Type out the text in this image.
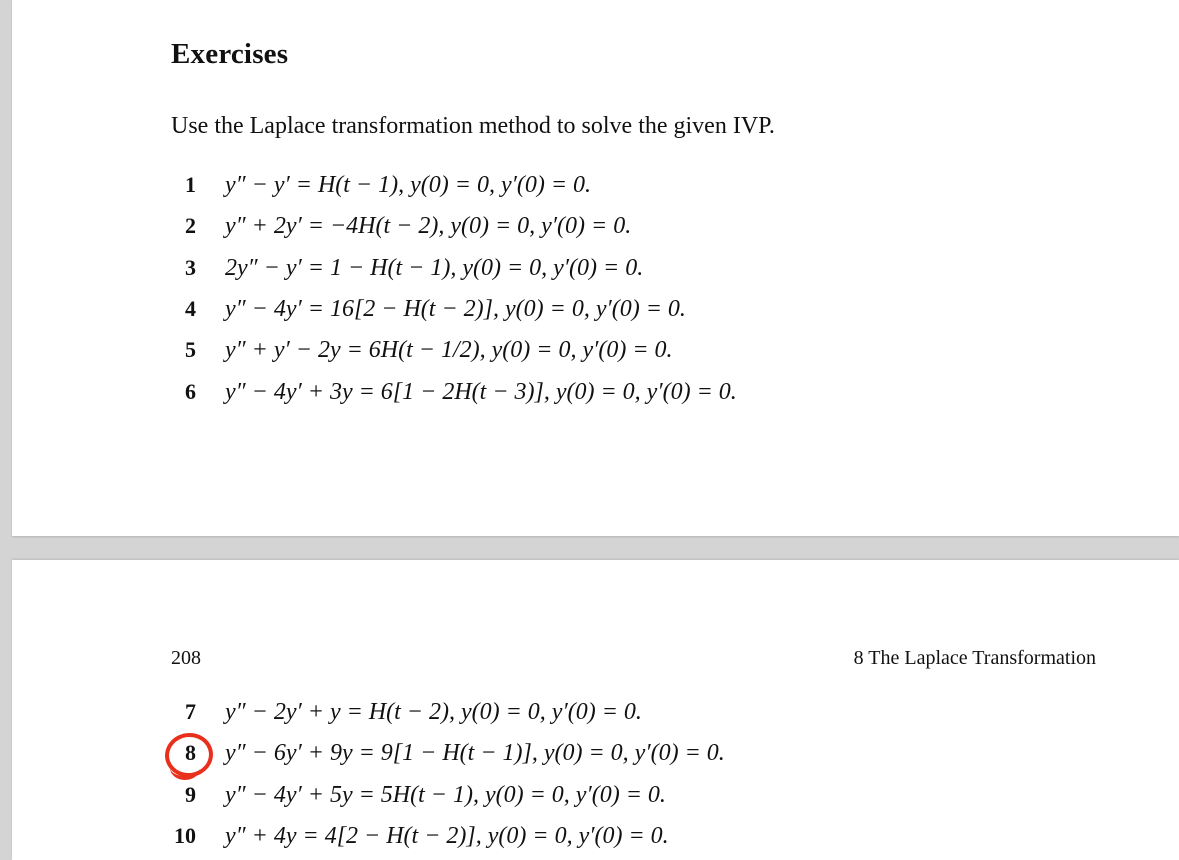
Exercises
Use the Laplace transformation method to solve the given IVP.
1 y″ − y′ = H(t − 1), y(0) = 0, y′(0) = 0.
2 y″ + 2y′ = −4H(t − 2), y(0) = 0, y′(0) = 0.
3 2y″ − y′ = 1 − H(t − 1), y(0) = 0, y′(0) = 0.
4 y″ − 4y′ = 16[2 − H(t − 2)], y(0) = 0, y′(0) = 0.
5 y″ + y′ − 2y = 6H(t − 1/2), y(0) = 0, y′(0) = 0.
6 y″ − 4y′ + 3y = 6[1 − 2H(t − 3)], y(0) = 0, y′(0) = 0.
208	8 The Laplace Transformation
7 y″ − 2y′ + y = H(t − 2), y(0) = 0, y′(0) = 0.
8 y″ − 6y′ + 9y = 9[1 − H(t − 1)], y(0) = 0, y′(0) = 0.
9 y″ − 4y′ + 5y = 5H(t − 1), y(0) = 0, y′(0) = 0.
10 y″ + 4y = 4[2 − H(t − 2)], y(0) = 0, y′(0) = 0.
